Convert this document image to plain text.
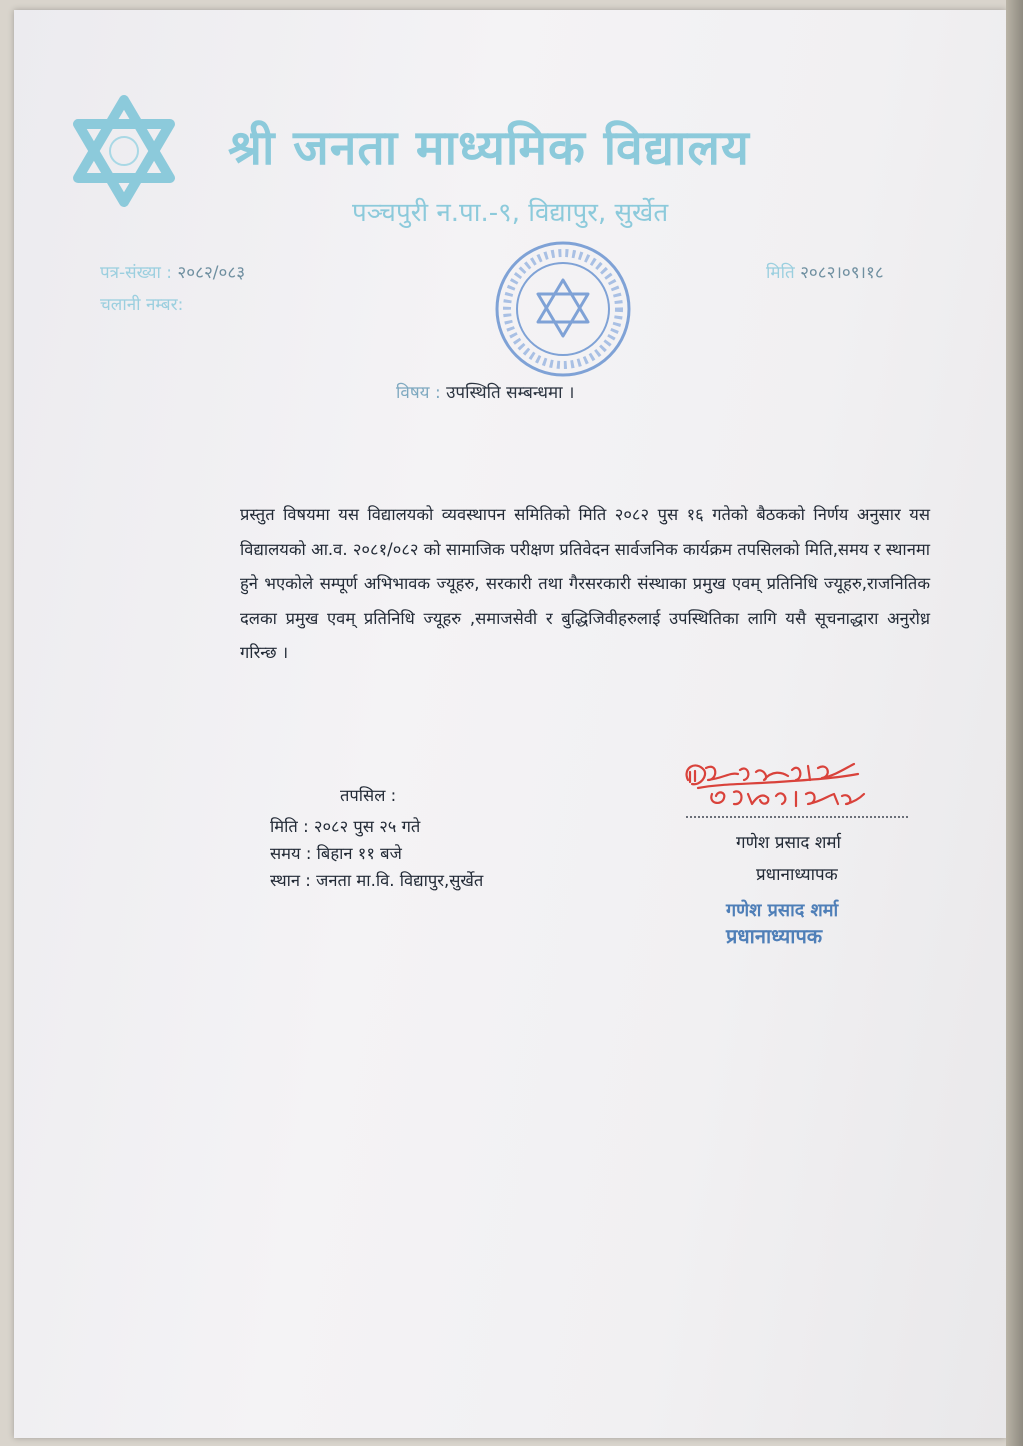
श्री जनता माध्यमिक विद्यालय
पञ्चपुरी न.पा.-९, विद्यापुर, सुर्खेत
पत्र-संख्या : २०८२/०८३
चलानी नम्बर:
मिति २०८२।०९।१८
विषय : उपस्थिति सम्बन्धमा ।
प्रस्तुत विषयमा यस विद्यालयको व्यवस्थापन समितिको मिति २०८२ पुस १६ गतेको बैठकको निर्णय अनुसार यस विद्यालयको आ.व. २०८१/०८२ को सामाजिक परीक्षण प्रतिवेदन सार्वजनिक कार्यक्रम तपसिलको मिति,समय र स्थानमा हुने भएकोले सम्पूर्ण अभिभावक ज्यूहरु, सरकारी तथा गैरसरकारी संस्थाका प्रमुख एवम् प्रतिनिधि ज्यूहरु,राजनितिक दलका प्रमुख एवम् प्रतिनिधि ज्यूहरु ,समाजसेवी र बुद्धिजिवीहरुलाई उपस्थितिका लागि यसै सूचनाद्धारा अनुरोध्र गरिन्छ ।
तपसिल :
मिति : २०८२ पुस २५ गते
समय : बिहान ११ बजे
स्थान : जनता मा.वि. विद्यापुर,सुर्खेत
गणेश प्रसाद शर्मा
प्रधानाध्यापक
गणेश प्रसाद शर्मा
प्रधानाध्यापक
